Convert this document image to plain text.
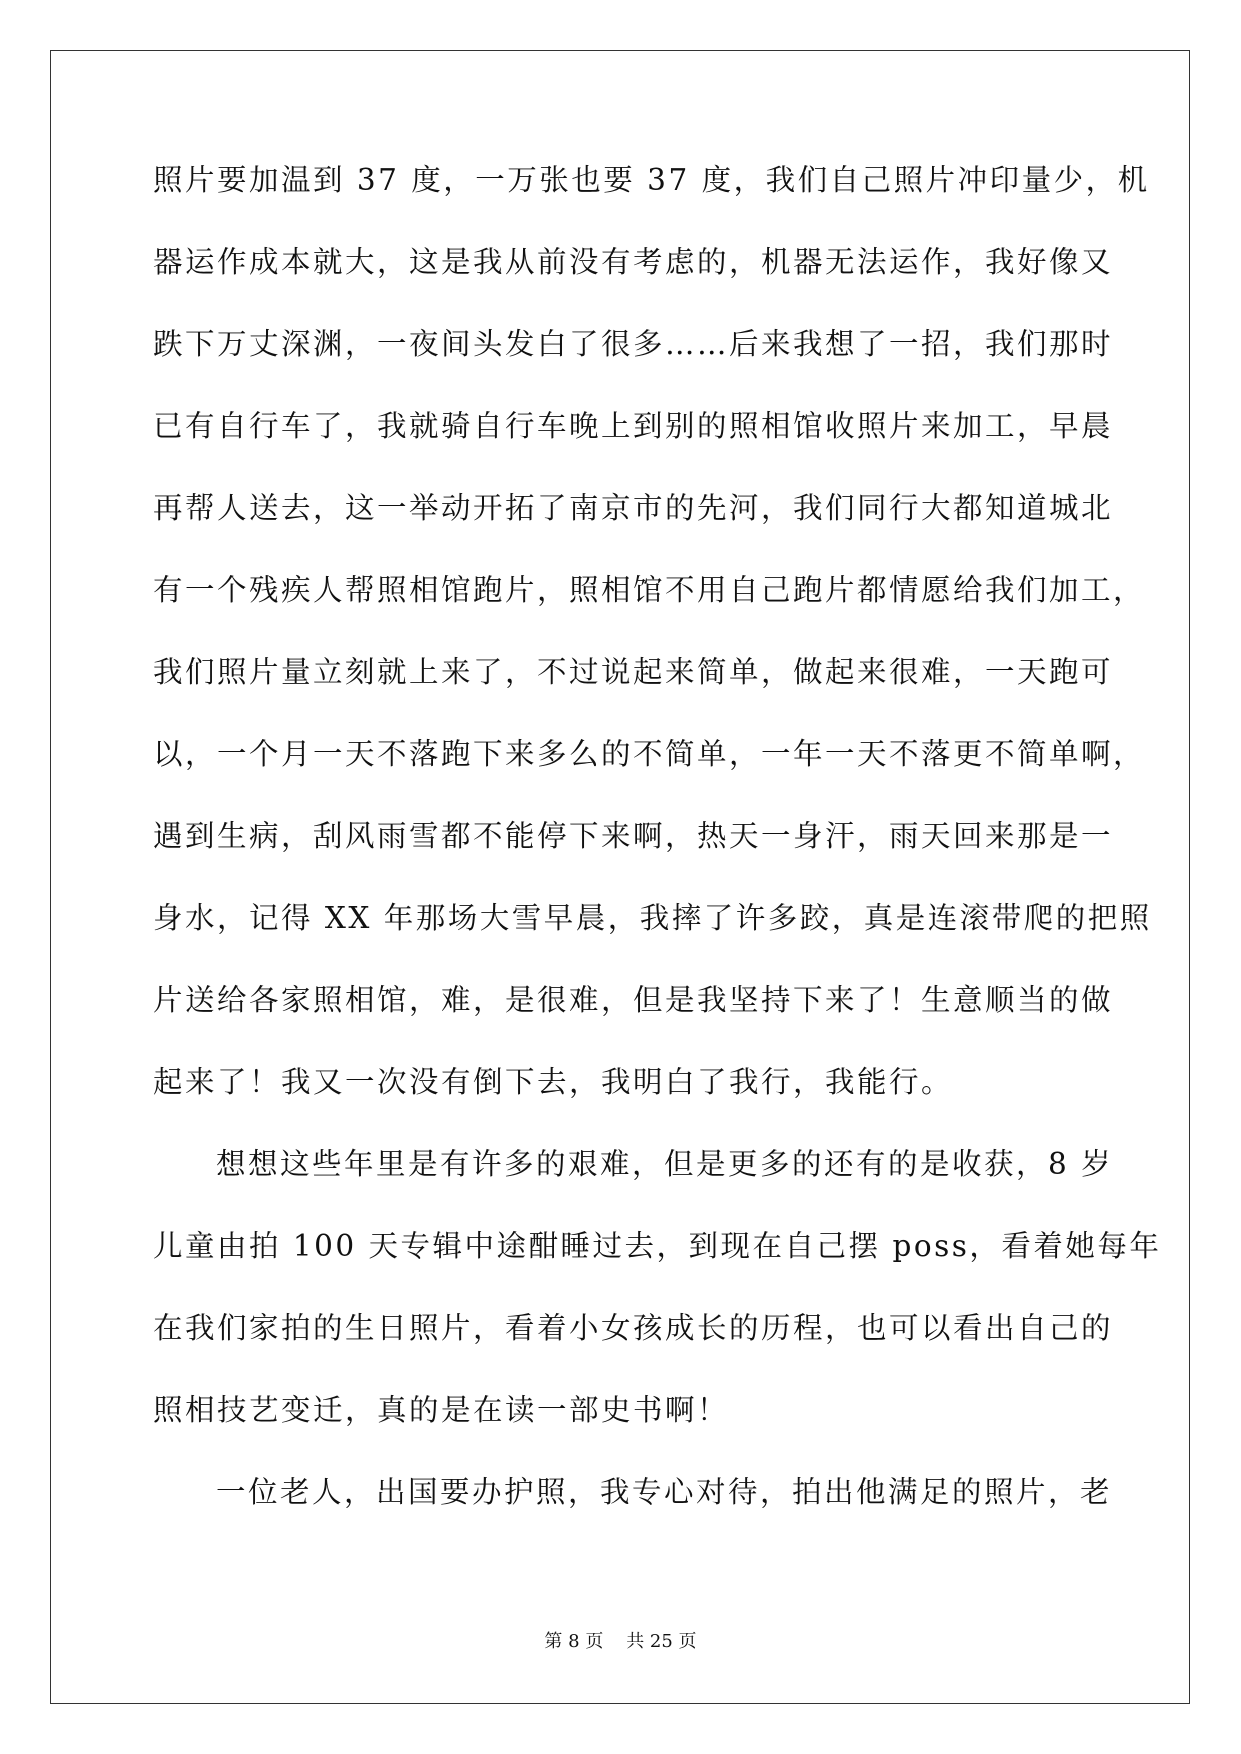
照片要加温到 37 度，一万张也要 37 度，我们自己照片冲印量少，机
器运作成本就大，这是我从前没有考虑的，机器无法运作，我好像又
跌下万丈深渊，一夜间头发白了很多……后来我想了一招，我们那时
已有自行车了，我就骑自行车晚上到别的照相馆收照片来加工，早晨
再帮人送去，这一举动开拓了南京市的先河，我们同行大都知道城北
有一个残疾人帮照相馆跑片，照相馆不用自己跑片都情愿给我们加工，
我们照片量立刻就上来了，不过说起来简单，做起来很难，一天跑可
以，一个月一天不落跑下来多么的不简单，一年一天不落更不简单啊，
遇到生病，刮风雨雪都不能停下来啊，热天一身汗，雨天回来那是一
身水，记得 XX 年那场大雪早晨，我摔了许多跤，真是连滚带爬的把照
片送给各家照相馆，难，是很难，但是我坚持下来了！生意顺当的做
起来了！我又一次没有倒下去，我明白了我行，我能行。
想想这些年里是有许多的艰难，但是更多的还有的是收获，8 岁
儿童由拍 100 天专辑中途酣睡过去，到现在自己摆 poss，看着她每年
在我们家拍的生日照片，看着小女孩成长的历程，也可以看出自己的
照相技艺变迁，真的是在读一部史书啊！
一位老人，出国要办护照，我专心对待，拍出他满足的照片，老
第 8 页    共 25 页
